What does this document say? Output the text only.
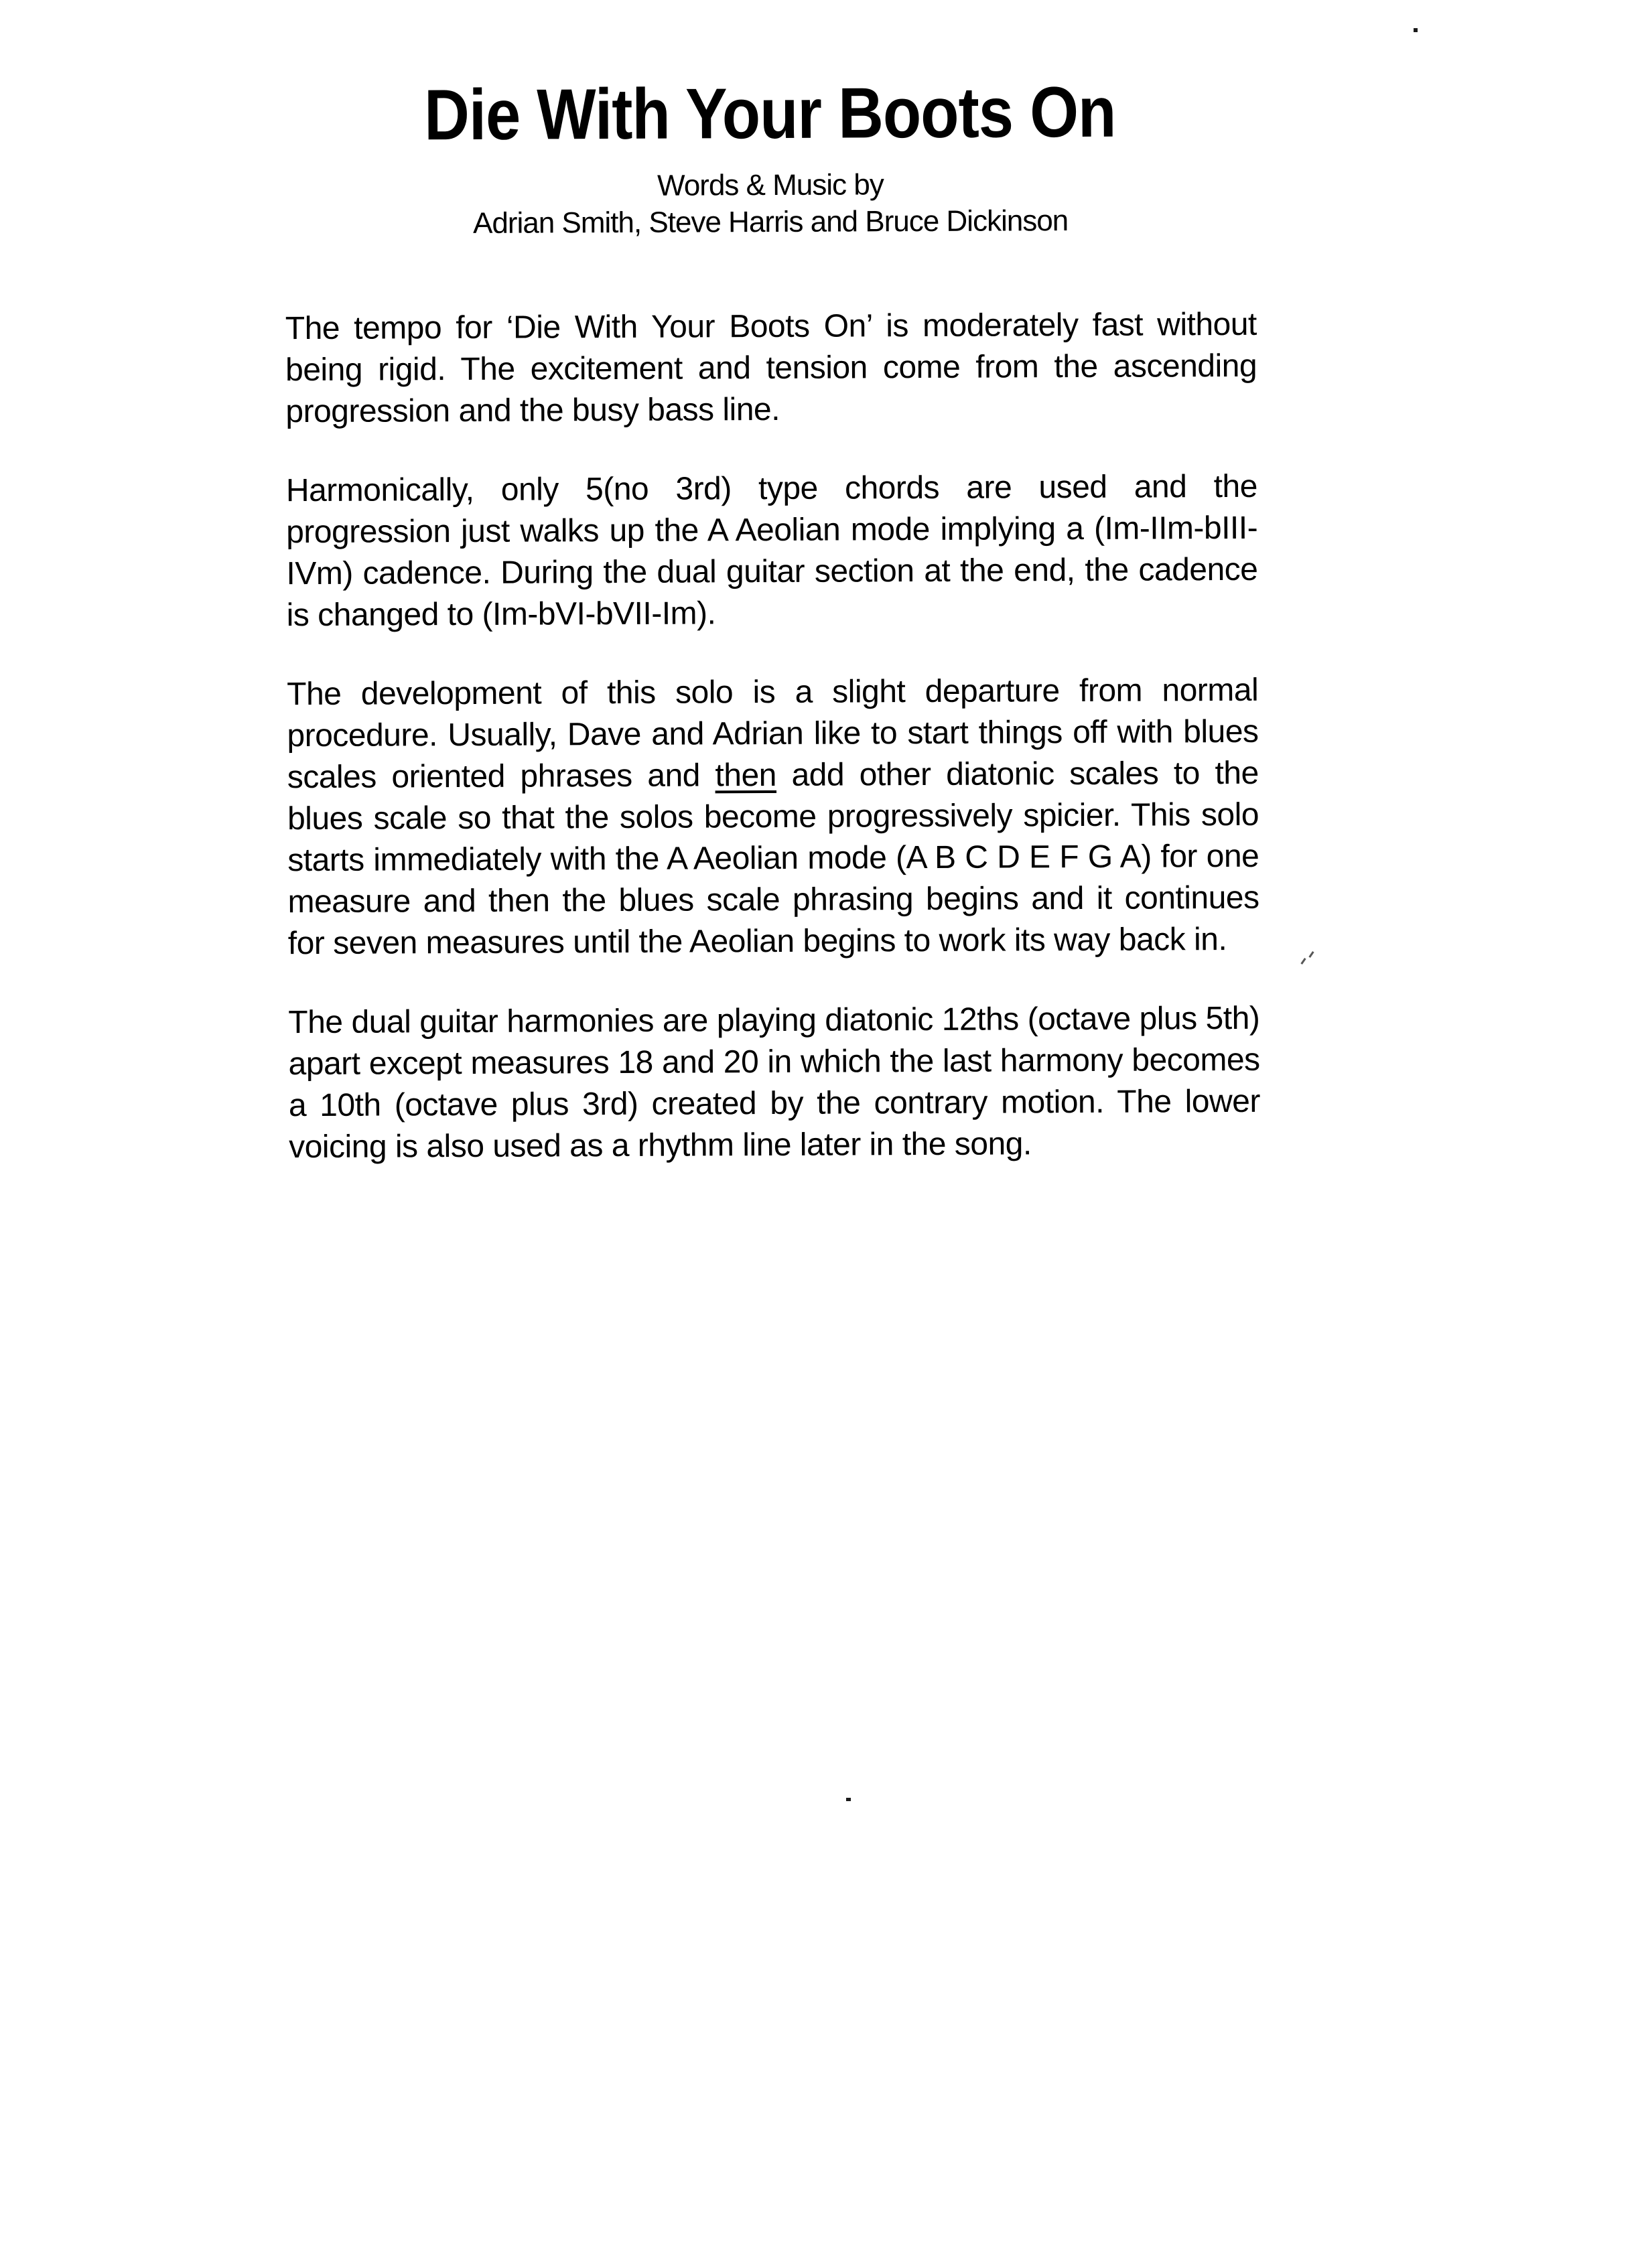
Die With Your Boots On
Words & Music by
Adrian Smith, Steve Harris and Bruce Dickinson

The tempo for ‘Die With Your Boots On’ is moderately fast without being rigid. The excitement and tension come from the ascending progression and the busy bass line.

Harmonically, only 5(no 3rd) type chords are used and the progression just walks up the A Aeolian mode implying a (Im-IIm-bIII-IVm) cadence. During the dual guitar section at the end, the cadence is changed to (Im-bVI-bVII-Im).

The development of this solo is a slight departure from normal procedure. Usually, Dave and Adrian like to start things off with blues scales oriented phrases and then add other diatonic scales to the blues scale so that the solos become progressively spicier. This solo starts immediately with the A Aeolian mode (A B C D E F G A) for one measure and then the blues scale phrasing begins and it continues for seven measures until the Aeolian begins to work its way back in.

The dual guitar harmonies are playing diatonic 12ths (octave plus 5th) apart except measures 18 and 20 in which the last harmony becomes a 10th (octave plus 3rd) created by the contrary motion. The lower voicing is also used as a rhythm line later in the song.
